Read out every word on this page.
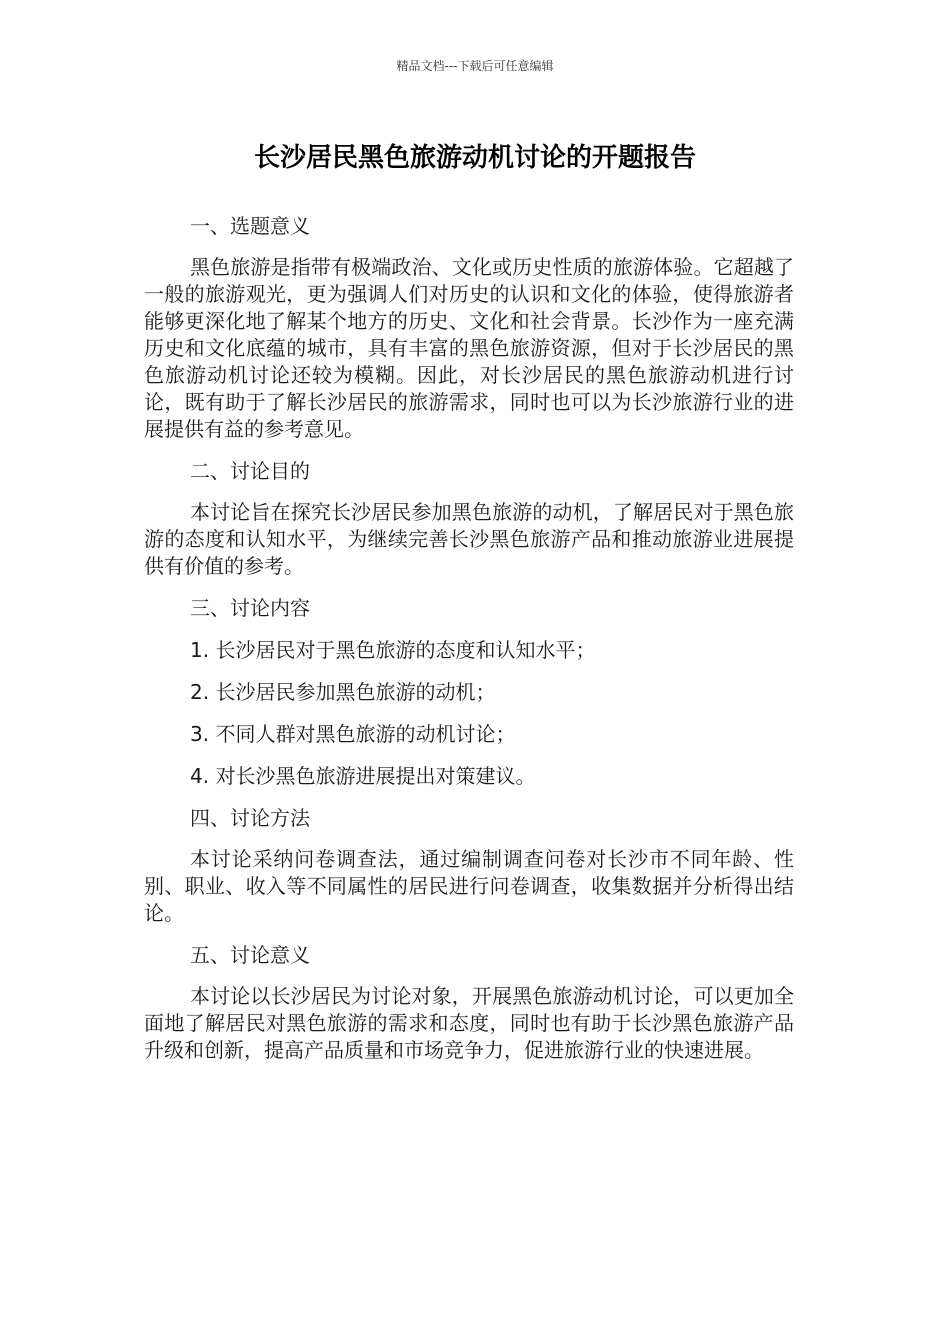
精品文档---下载后可任意编辑
长沙居民黑色旅游动机讨论的开题报告

一、选题意义

黑色旅游是指带有极端政治、文化或历史性质的旅游体验。它超越了一般的旅游观光，更为强调人们对历史的认识和文化的体验，使得旅游者能够更深化地了解某个地方的历史、文化和社会背景。长沙作为一座充满历史和文化底蕴的城市，具有丰富的黑色旅游资源，但对于长沙居民的黑色旅游动机讨论还较为模糊。因此，对长沙居民的黑色旅游动机进行讨论，既有助于了解长沙居民的旅游需求，同时也可以为长沙旅游行业的进展提供有益的参考意见。

二、讨论目的

本讨论旨在探究长沙居民参加黑色旅游的动机，了解居民对于黑色旅游的态度和认知水平，为继续完善长沙黑色旅游产品和推动旅游业进展提供有价值的参考。

三、讨论内容

1. 长沙居民对于黑色旅游的态度和认知水平；

2. 长沙居民参加黑色旅游的动机；

3. 不同人群对黑色旅游的动机讨论；

4. 对长沙黑色旅游进展提出对策建议。

四、讨论方法

本讨论采纳问卷调查法，通过编制调查问卷对长沙市不同年龄、性别、职业、收入等不同属性的居民进行问卷调查，收集数据并分析得出结论。

五、讨论意义

本讨论以长沙居民为讨论对象，开展黑色旅游动机讨论，可以更加全面地了解居民对黑色旅游的需求和态度，同时也有助于长沙黑色旅游产品升级和创新，提高产品质量和市场竞争力，促进旅游行业的快速进展。
